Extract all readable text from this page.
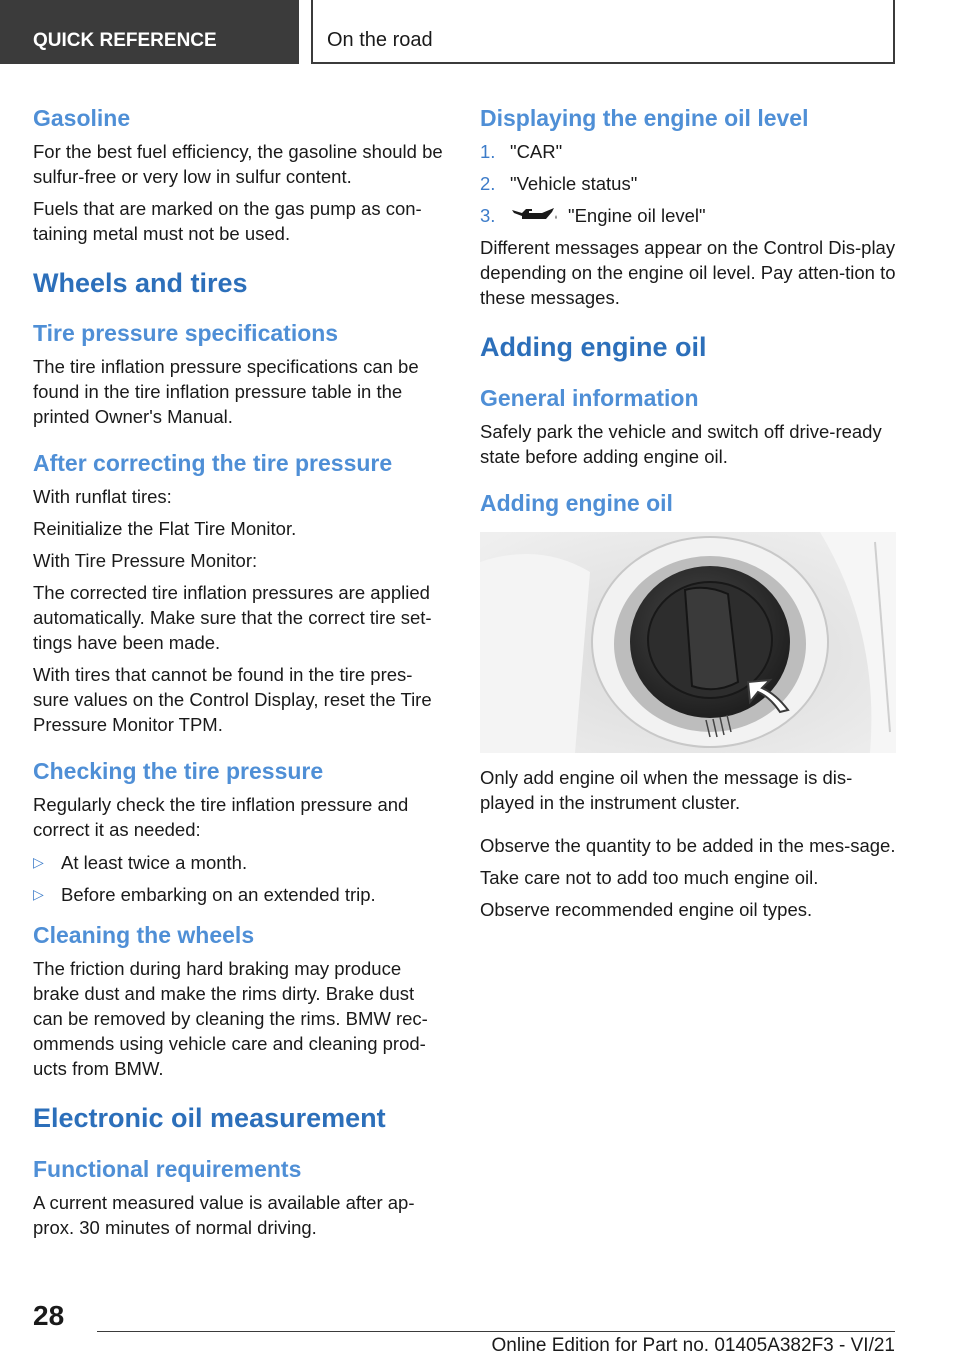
QUICK REFERENCE	On the road
Gasoline

For the best fuel efficiency, the gasoline should be sulfur-free or very low in sulfur content.

Fuels that are marked on the gas pump as con-taining metal must not be used.

Wheels and tires
Tire pressure specifications

The tire inflation pressure specifications can be found in the tire inflation pressure table in the printed Owner's Manual.

After correcting the tire pressure

With runflat tires:

Reinitialize the Flat Tire Monitor.

With Tire Pressure Monitor:

The corrected tire inflation pressures are applied automatically. Make sure that the correct tire set-tings have been made.

With tires that cannot be found in the tire pres-sure values on the Control Display, reset the Tire Pressure Monitor TPM.

Checking the tire pressure

Regularly check the tire inflation pressure and correct it as needed:

▷ At least twice a month.
▷ Before embarking on an extended trip.
Cleaning the wheels

The friction during hard braking may produce brake dust and make the rims dirty. Brake dust can be removed by cleaning the rims. BMW rec-ommends using vehicle care and cleaning prod-ucts from BMW.

Electronic oil measurement
Functional requirements

A current measured value is available after ap-prox. 30 minutes of normal driving.

Displaying the engine oil level
1. "CAR"
2. "Vehicle status"
3.	"Engine oil level"

Different messages appear on the Control Dis-play depending on the engine oil level. Pay atten-tion to these messages.

Adding engine oil
General information

Safely park the vehicle and switch off drive-ready state before adding engine oil.

Adding engine oil

Only add engine oil when the message is dis-played in the instrument cluster.

Observe the quantity to be added in the mes-sage.

Take care not to add too much engine oil.

Observe recommended engine oil types.

28
Online Edition for Part no. 01405A382F3 - VI/21
